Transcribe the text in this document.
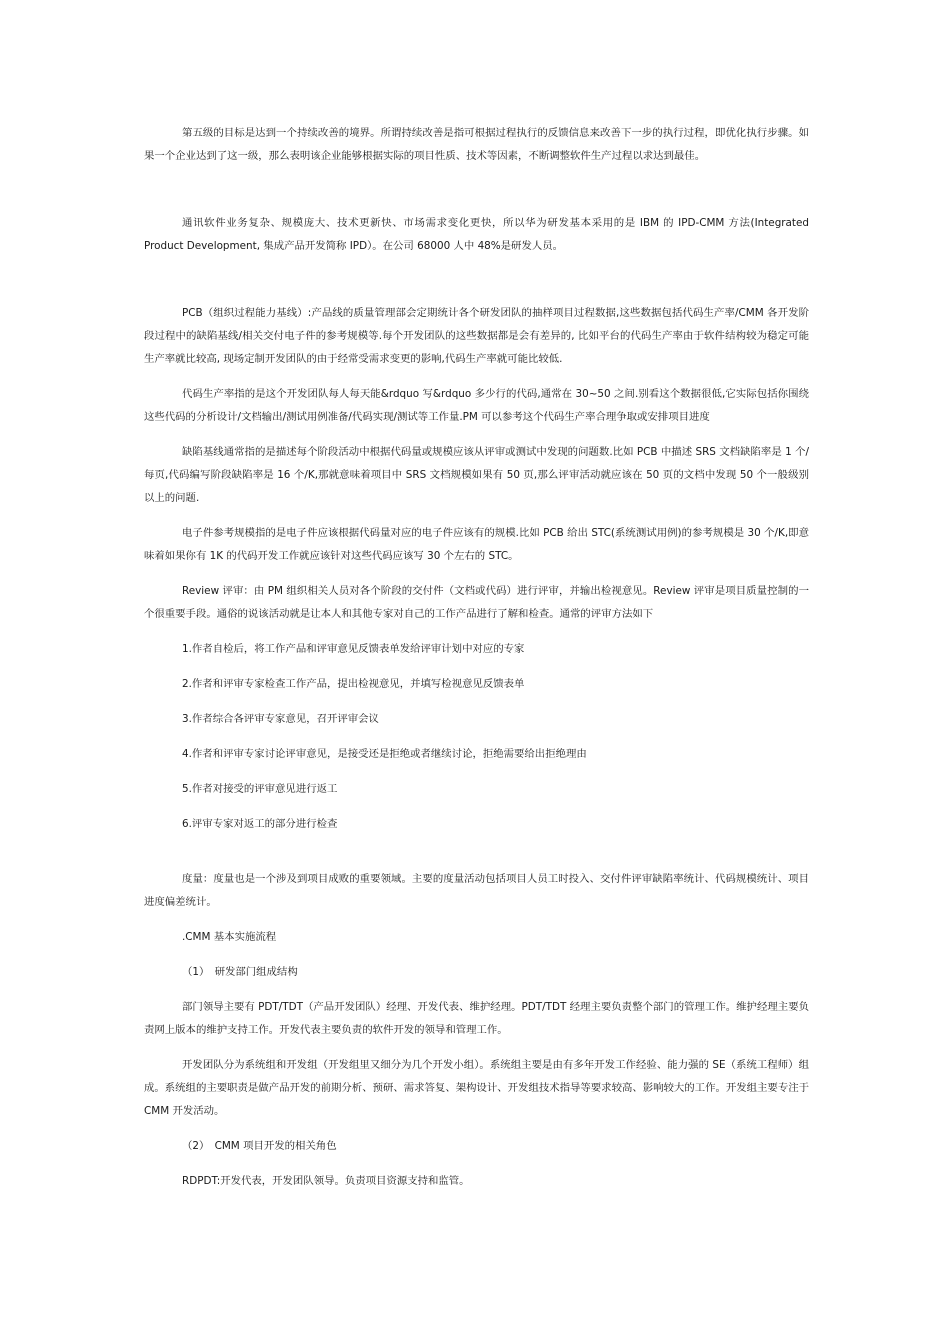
第五级的目标是达到一个持续改善的境界。所谓持续改善是指可根据过程执行的反馈信息来改善下一步的执行过程，即优化执行步骤。如果一个企业达到了这一级，那么表明该企业能够根据实际的项目性质、技术等因素，不断调整软件生产过程以求达到最佳。

通讯软件业务复杂、规模庞大、技术更新快、市场需求变化更快，所以华为研发基本采用的是 IBM 的 IPD-CMM 方法(Integrated Product Development, 集成产品开发简称 IPD）。在公司 68000 人中 48%是研发人员。

PCB（组织过程能力基线）:产品线的质量管理部会定期统计各个研发团队的抽样项目过程数据,这些数据包括代码生产率/CMM 各开发阶段过程中的缺陷基线/相关交付电子件的参考规模等.每个开发团队的这些数据都是会有差异的, 比如平台的代码生产率由于软件结构较为稳定可能生产率就比较高, 现场定制开发团队的由于经常受需求变更的影响,代码生产率就可能比较低.

代码生产率指的是这个开发团队每人每天能&rdquo 写&rdquo 多少行的代码,通常在 30~50 之间.别看这个数据很低,它实际包括你围绕这些代码的分析设计/文档输出/测试用例准备/代码实现/测试等工作量.PM 可以参考这个代码生产率合理争取或安排项目进度

缺陷基线通常指的是描述每个阶段活动中根据代码量或规模应该从评审或测试中发现的问题数.比如 PCB 中描述 SRS 文档缺陷率是 1 个/每页,代码编写阶段缺陷率是 16 个/K,那就意味着项目中 SRS 文档规模如果有 50 页,那么评审活动就应该在 50 页的文档中发现 50 个一般级别以上的问题.

电子件参考规模指的是电子件应该根据代码量对应的电子件应该有的规模.比如 PCB 给出 STC(系统测试用例)的参考规模是 30 个/K,即意味着如果你有 1K 的代码开发工作就应该针对这些代码应该写 30 个左右的 STC。

Review 评审：由 PM 组织相关人员对各个阶段的交付件（文档或代码）进行评审，并输出检视意见。Review 评审是项目质量控制的一个很重要手段。通俗的说该活动就是让本人和其他专家对自己的工作产品进行了解和检查。通常的评审方法如下

1.作者自检后，将工作产品和评审意见反馈表单发给评审计划中对应的专家

2.作者和评审专家检查工作产品，提出检视意见，并填写检视意见反馈表单

3.作者综合各评审专家意见，召开评审会议

4.作者和评审专家讨论评审意见，是接受还是拒绝或者继续讨论，拒绝需要给出拒绝理由

5.作者对接受的评审意见进行返工

6.评审专家对返工的部分进行检查

度量：度量也是一个涉及到项目成败的重要领域。主要的度量活动包括项目人员工时投入、交付件评审缺陷率统计、代码规模统计、项目进度偏差统计。

.CMM 基本实施流程

（1）　研发部门组成结构

部门领导主要有 PDT/TDT（产品开发团队）经理、开发代表、维护经理。PDT/TDT 经理主要负责整个部门的管理工作。维护经理主要负责网上版本的维护支持工作。开发代表主要负责的软件开发的领导和管理工作。

开发团队分为系统组和开发组（开发组里又细分为几个开发小组）。系统组主要是由有多年开发工作经验、能力强的 SE（系统工程师）组成。系统组的主要职责是做产品开发的前期分析、预研、需求答复、架构设计、开发组技术指导等要求较高、影响较大的工作。开发组主要专注于 CMM 开发活动。

（2）　CMM 项目开发的相关角色

RDPDT:开发代表，开发团队领导。负责项目资源支持和监管。
